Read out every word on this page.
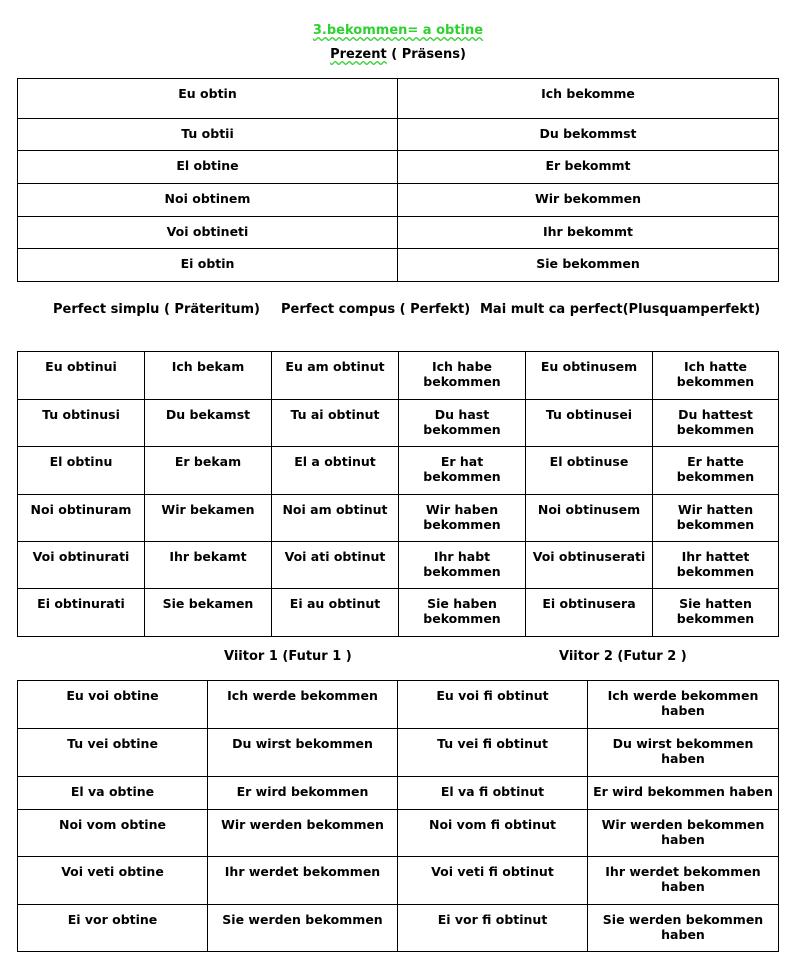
3.bekommen= a obtine
Prezent ( Präsens)
Eu obtin	Ich bekomme
Tu obtii	Du bekommst
El obtine	Er bekommt
Noi obtinem	Wir bekommen
Voi obtineti	Ihr bekommt
Ei obtin	Sie bekommen
Perfect simplu ( Präteritum) Perfect compus ( Perfekt) Mai mult ca perfect(Plusquamperfekt)
Eu obtinui	Ich bekam	Eu am obtinut	Ich habe bekommen	Eu obtinusem	Ich hatte bekommen
Tu obtinusi	Du bekamst	Tu ai obtinut	Du hast bekommen	Tu obtinusei	Du hattest bekommen
El obtinu	Er bekam	El a obtinut	Er hat bekommen	El obtinuse	Er hatte bekommen
Noi obtinuram	Wir bekamen	Noi am obtinut	Wir haben bekommen	Noi obtinusem	Wir hatten bekommen
Voi obtinurati	Ihr bekamt	Voi ati obtinut	Ihr habt bekommen	Voi obtinuserati	Ihr hattet bekommen
Ei obtinurati	Sie bekamen	Ei au obtinut	Sie haben bekommen	Ei obtinusera	Sie hatten bekommen
Viitor 1 (Futur 1 )	Viitor 2 (Futur 2 )
Eu voi obtine	Ich werde bekommen	Eu voi fi obtinut	Ich werde bekommen haben
Tu vei obtine	Du wirst bekommen	Tu vei fi obtinut	Du wirst bekommen haben
El va obtine	Er wird bekommen	El va fi obtinut	Er wird bekommen haben
Noi vom obtine	Wir werden bekommen	Noi vom fi obtinut	Wir werden bekommen haben
Voi veti obtine	Ihr werdet bekommen	Voi veti fi obtinut	Ihr werdet bekommen haben
Ei vor obtine	Sie werden bekommen	Ei vor fi obtinut	Sie werden bekommen haben
